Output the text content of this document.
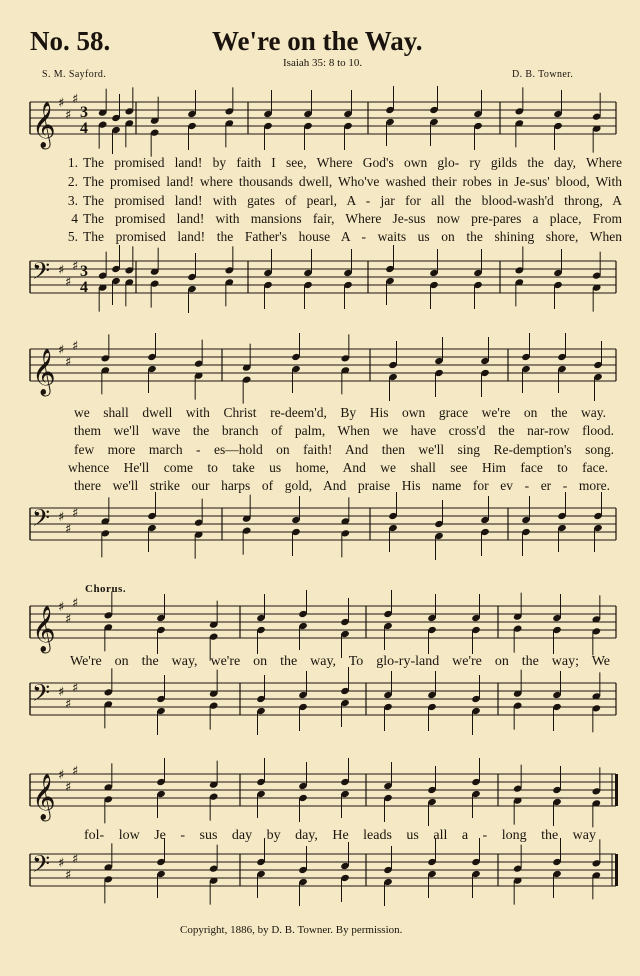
No. 58.	We're on the Way.
Isaiah 35: 8 to 10.
S. M. Sayford.	D. B. Towner.
𝄞 ♯
♯
♯
3
4
𝄢 ♯
♯
♯ 3
4
1. The promised land! by faith I see, Where God's own glo- ry gilds the day, Where
2. The promised land! where thousands dwell, Who've washed their robes in Je-sus' blood, With
3. The promised land! with gates of pearl, A - jar for all the blood-wash'd throng, A
4 The promised land! with mansions fair, Where Je-sus now pre-pares a place, From
5. The promised land! the Father's house A - waits us on the shining shore, When
𝄞 ♯
♯
♯
𝄢 ♯
♯
♯
we shall dwell with Christ re-deem'd, By His own grace we're on the way.
them we'll wave the branch of palm, When we have cross'd the nar-row flood.
few more march - es—hold on faith! And then we'll sing Re-demption's song.
whence He'll come to take us home, And we shall see Him face to face.
there we'll strike our harps of gold, And praise His name for ev - er - more.
Chorus.
𝄞 ♯
♯
♯
We're on the way, we're on the way, To glo-ry-land we're on the way; We
𝄢 ♯
♯
♯
𝄞 ♯
♯
♯
fol- low Je - sus day by day, He leads us all a - long the way
𝄢 ♯
♯
♯
Copyright, 1886, by D. B. Towner. By permission.
